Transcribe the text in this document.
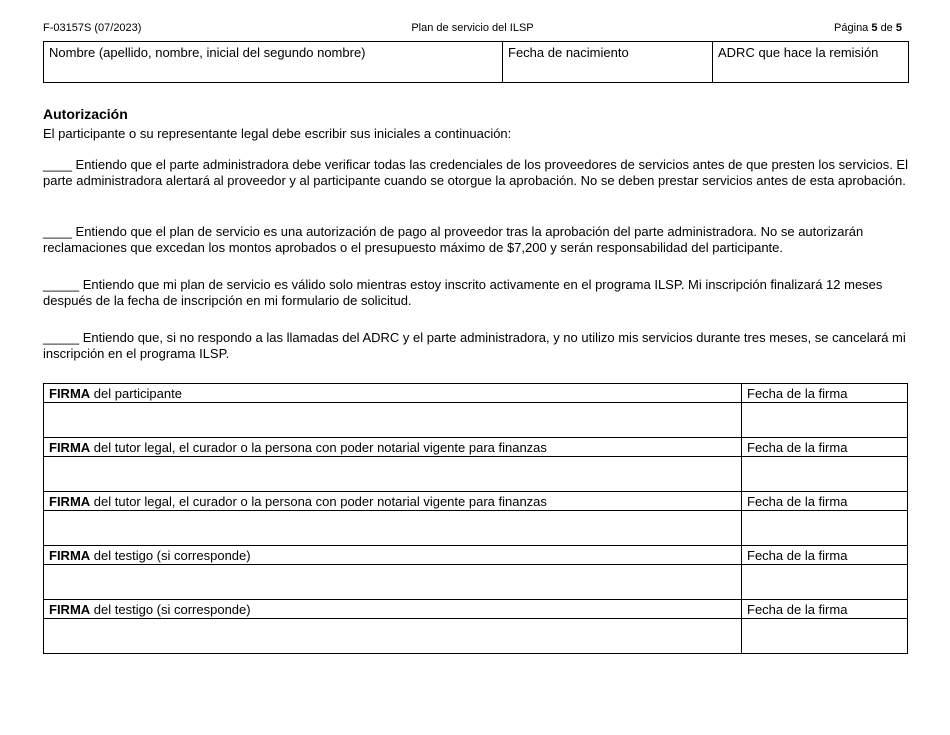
F-03157S (07/2023)	Plan de servicio del ILSP	Página 5 de 5
Nombre (apellido, nombre, inicial del segundo nombre)	Fecha de nacimiento	ADRC que hace la remisión
Autorización
El participante o su representante legal debe escribir sus iniciales a continuación:
____ Entiendo que el parte administradora debe verificar todas las credenciales de los proveedores de servicios antes de que presten los servicios. El parte administradora alertará al proveedor y al participante cuando se otorgue la aprobación. No se deben prestar servicios antes de esta aprobación.
____ Entiendo que el plan de servicio es una autorización de pago al proveedor tras la aprobación del parte administradora. No se autorizarán reclamaciones que excedan los montos aprobados o el presupuesto máximo de $7,200 y serán responsabilidad del participante.
_____ Entiendo que mi plan de servicio es válido solo mientras estoy inscrito activamente en el programa ILSP. Mi inscripción finalizará 12 meses después de la fecha de inscripción en mi formulario de solicitud.
_____ Entiendo que, si no respondo a las llamadas del ADRC y el parte administradora, y no utilizo mis servicios durante tres meses, se cancelará mi inscripción en el programa ILSP.
FIRMA del participante	Fecha de la firma

FIRMA del tutor legal, el curador o la persona con poder notarial vigente para finanzas	Fecha de la firma

FIRMA del tutor legal, el curador o la persona con poder notarial vigente para finanzas	Fecha de la firma

FIRMA del testigo (si corresponde)	Fecha de la firma

FIRMA del testigo (si corresponde)	Fecha de la firma
